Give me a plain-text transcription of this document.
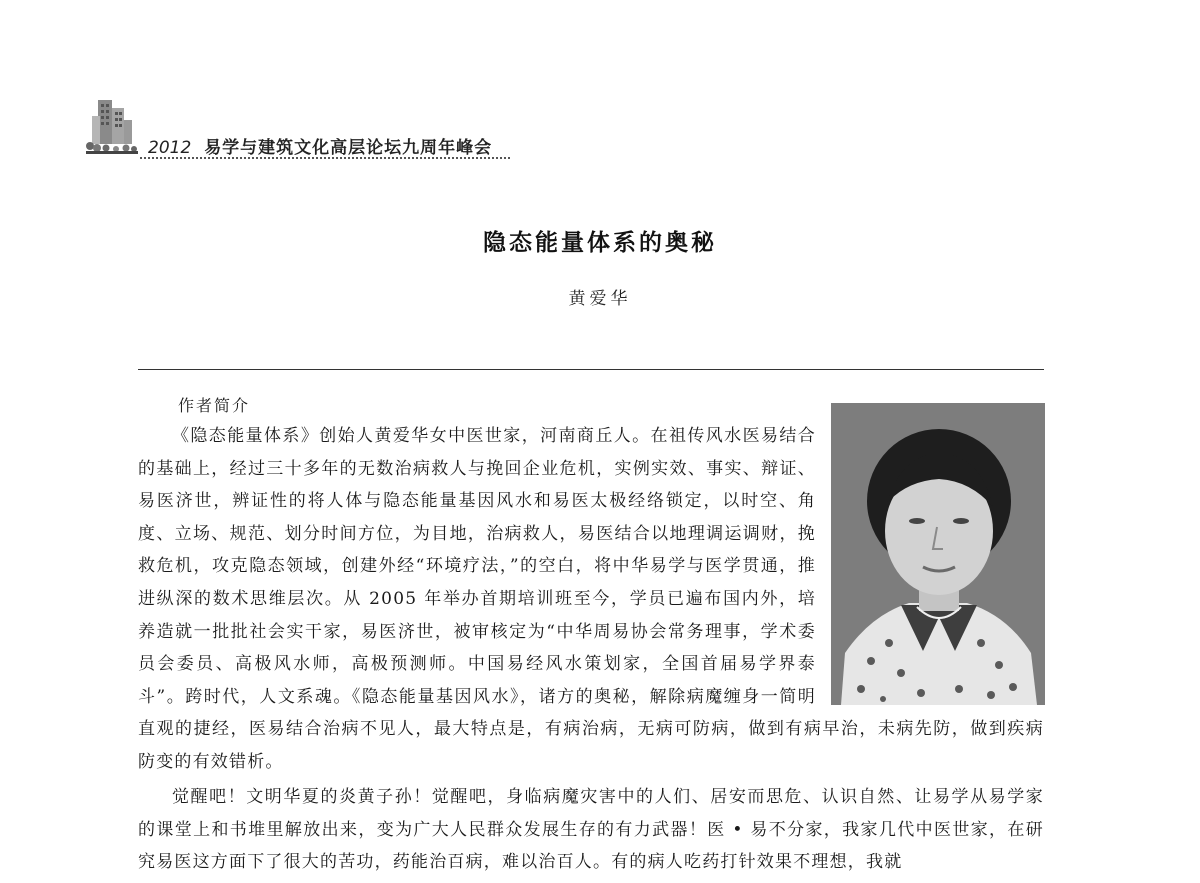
2012 易学与建筑文化高层论坛九周年峰会
隐态能量体系的奥秘
黄爱华
作者简介
《隐态能量体系》创始人黄爱华女中医世家，河南商丘人。在祖传风水医易结合的基础上，经过三十多年的无数治病救人与挽回企业危机，实例实效、事实、辩证、易医济世，辨证性的将人体与隐态能量基因风水和易医太极经络锁定，以时空、角度、立场、规范、划分时间方位，为目地，治病救人，易医结合以地理调运调财，挽救危机，攻克隐态领域，创建外经“环境疗法，”的空白，将中华易学与医学贯通，推进纵深的数术思维层次。从 2005 年举办首期培训班至今，学员已遍布国内外，培养造就一批批社会实干家，易医济世，被审核定为“中华周易协会常务理事，学术委员会委员、高极风水师，高极预测师。中国易经风水策划家，全国首届易学界泰斗”。跨时代，人文系魂。《隐态能量基因风水》，诸方的奥秘，解除病魔缠身一简明直观的捷经，医易结合治病不见人，最大特点是，有病治病，无病可防病，做到有病早治，未病先防，做到疾病防变的有效错析。
觉醒吧！文明华夏的炎黄子孙！觉醒吧，身临病魔灾害中的人们、居安而思危、认识自然、让易学从易学家的课堂上和书堆里解放出来，变为广大人民群众发展生存的有力武器！医 • 易不分家，我家几代中医世家，在研究易医这方面下了很大的苦功，药能治百病，难以治百人。有的病人吃药打针效果不理想，我就
